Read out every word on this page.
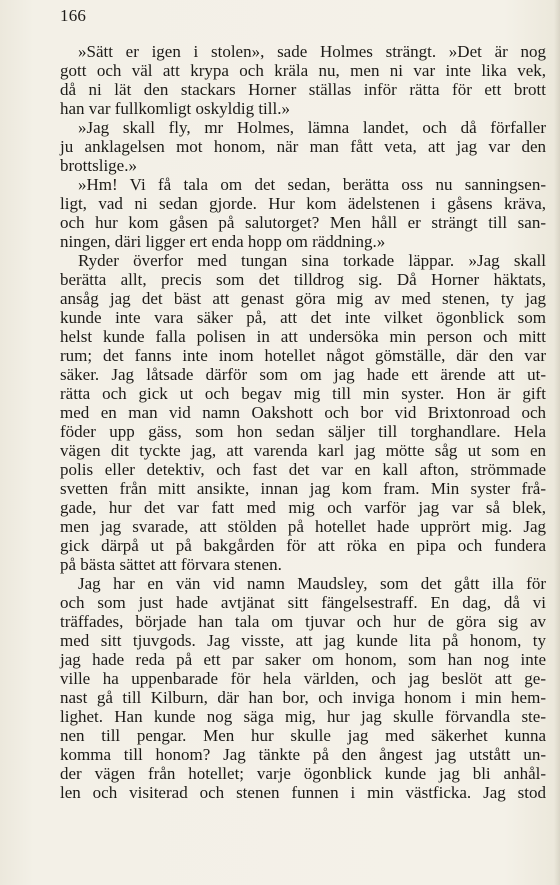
166
»Sätt er igen i stolen», sade Holmes strängt. »Det är nog
gott och väl att krypa och kräla nu, men ni var inte lika vek,
då ni lät den stackars Horner ställas inför rätta för ett brott
han var fullkomligt oskyldig till.»
»Jag skall fly, mr Holmes, lämna landet, och då förfaller
ju anklagelsen mot honom, när man fått veta, att jag var den
brottslige.»
»Hm! Vi få tala om det sedan, berätta oss nu sanningsen-
ligt, vad ni sedan gjorde. Hur kom ädelstenen i gåsens kräva,
och hur kom gåsen på salutorget? Men håll er strängt till san-
ningen, däri ligger ert enda hopp om räddning.»
Ryder överfor med tungan sina torkade läppar. »Jag skall
berätta allt, precis som det tilldrog sig. Då Horner häktats,
ansåg jag det bäst att genast göra mig av med stenen, ty jag
kunde inte vara säker på, att det inte vilket ögonblick som
helst kunde falla polisen in att undersöka min person och mitt
rum; det fanns inte inom hotellet något gömställe, där den var
säker. Jag låtsade därför som om jag hade ett ärende att ut-
rätta och gick ut och begav mig till min syster. Hon är gift
med en man vid namn Oakshott och bor vid Brixtonroad och
föder upp gäss, som hon sedan säljer till torghandlare. Hela
vägen dit tyckte jag, att varenda karl jag mötte såg ut som en
polis eller detektiv, och fast det var en kall afton, strömmade
svetten från mitt ansikte, innan jag kom fram. Min syster frå-
gade, hur det var fatt med mig och varför jag var så blek,
men jag svarade, att stölden på hotellet hade upprört mig. Jag
gick därpå ut på bakgården för att röka en pipa och fundera
på bästa sättet att förvara stenen.
Jag har en vän vid namn Maudsley, som det gått illa för
och som just hade avtjänat sitt fängelsestraff. En dag, då vi
träffades, började han tala om tjuvar och hur de göra sig av
med sitt tjuvgods. Jag visste, att jag kunde lita på honom, ty
jag hade reda på ett par saker om honom, som han nog inte
ville ha uppenbarade för hela världen, och jag beslöt att ge-
nast gå till Kilburn, där han bor, och inviga honom i min hem-
lighet. Han kunde nog säga mig, hur jag skulle förvandla ste-
nen till pengar. Men hur skulle jag med säkerhet kunna
komma till honom? Jag tänkte på den ångest jag utstått un-
der vägen från hotellet; varje ögonblick kunde jag bli anhål-
len och visiterad och stenen funnen i min västficka. Jag stod
